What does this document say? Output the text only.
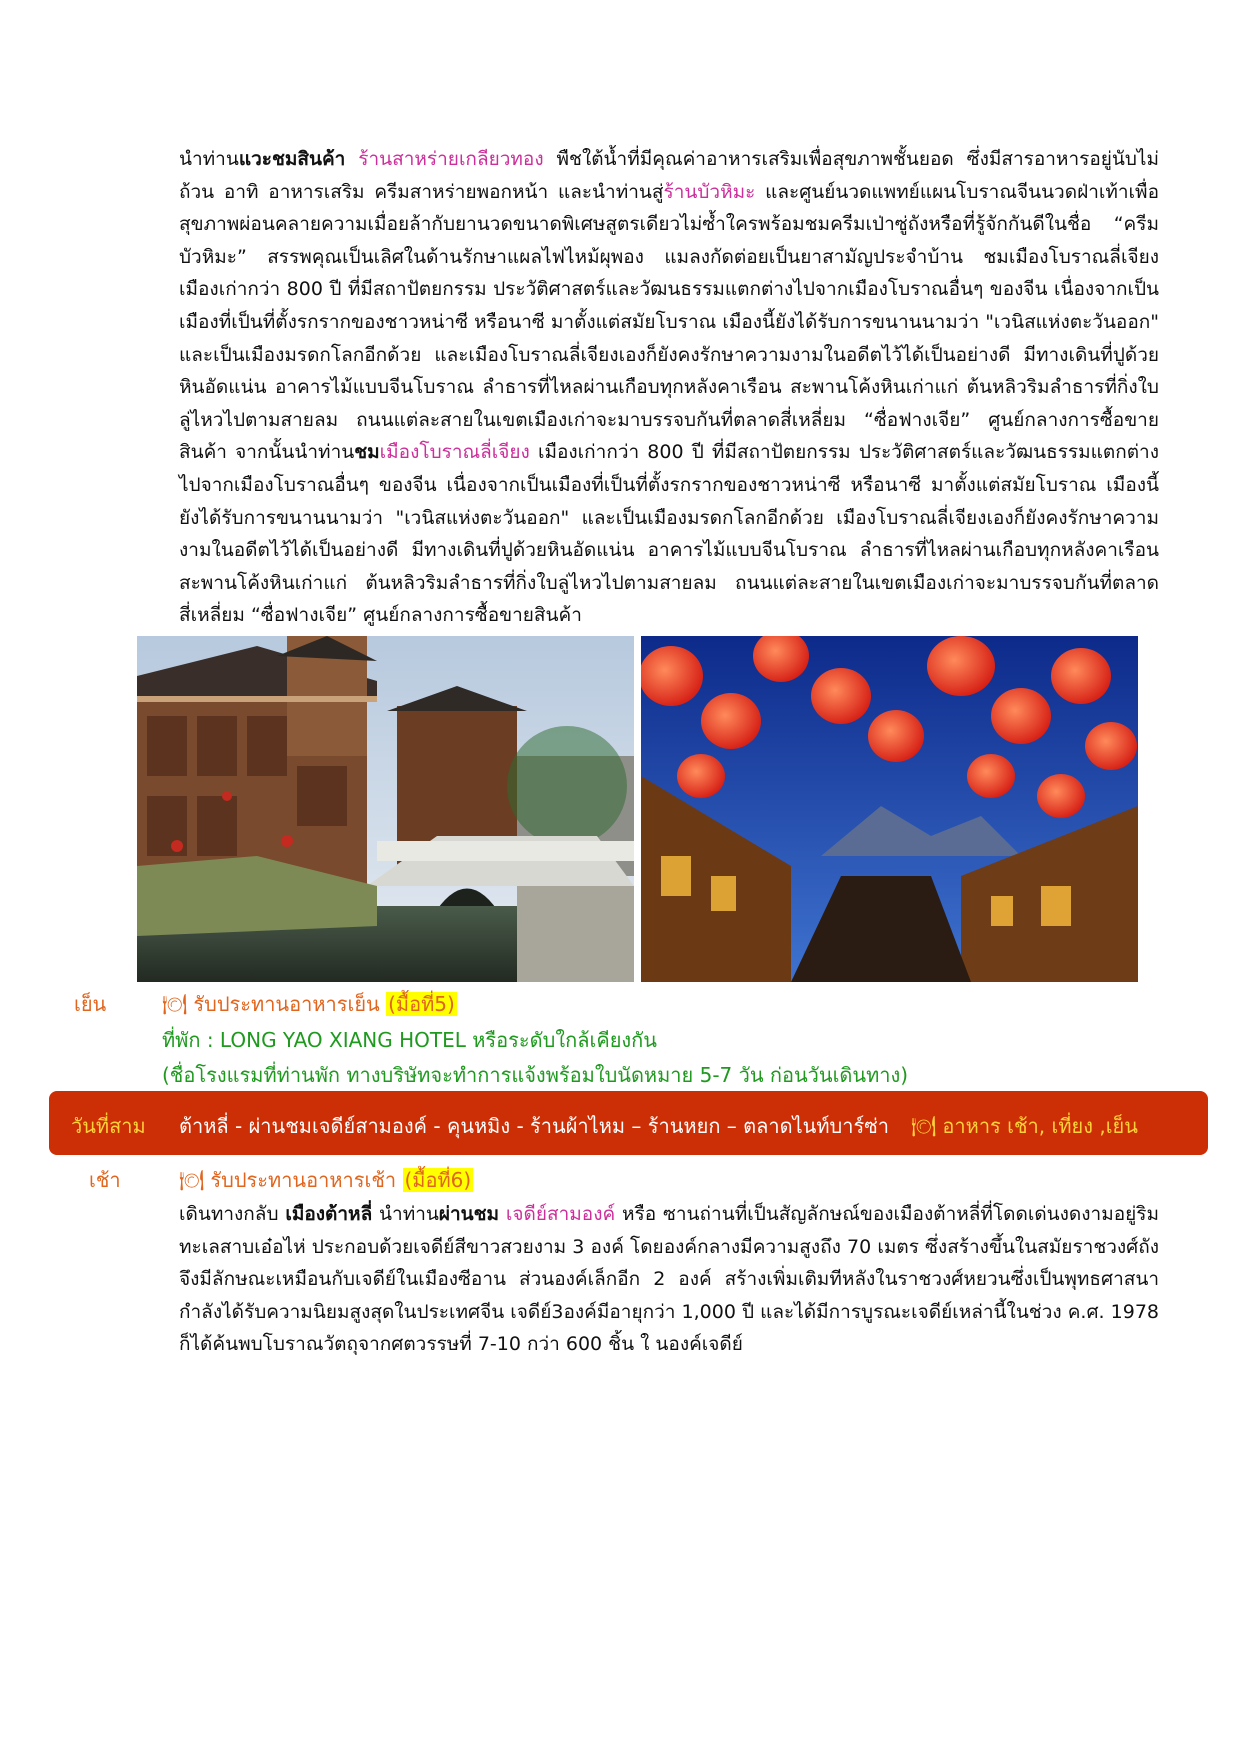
นำท่านแวะชมสินค้า ร้านสาหร่ายเกลียวทอง พืชใต้น้ำที่มีคุณค่าอาหารเสริมเพื่อสุขภาพชั้นยอด ซึ่งมีสารอาหารอยู่นับไม่ถ้วน อาทิ อาหารเสริม ครีมสาหร่ายพอกหน้า และนำท่านสู่ร้านบัวหิมะ และศูนย์นวดแพทย์แผนโบราณจีนนวดฝ่าเท้าเพื่อสุขภาพผ่อนคลายความเมื่อยล้ากับยานวดขนาดพิเศษสูตรเดียวไม่ซ้ำใครพร้อมชมครีมเป่าซู่ถังหรือที่รู้จักกันดีในชื่อ “ครีมบัวหิมะ” สรรพคุณเป็นเลิศในด้านรักษาแผลไฟไหม้ผุพอง แมลงกัดต่อยเป็นยาสามัญประจำบ้าน ชมเมืองโบราณลี่เจียง เมืองเก่ากว่า 800 ปี ที่มีสถาปัตยกรรม ประวัติศาสตร์และวัฒนธรรมแตกต่างไปจากเมืองโบราณอื่นๆ ของจีน เนื่องจากเป็นเมืองที่เป็นที่ตั้งรกรากของชาวหน่าซี หรือนาซี มาตั้งแต่สมัยโบราณ เมืองนี้ยังได้รับการขนานนามว่า "เวนิสแห่งตะวันออก" และเป็นเมืองมรดกโลกอีกด้วย และเมืองโบราณลี่เจียงเองก็ยังคงรักษาความงามในอดีตไว้ได้เป็นอย่างดี มีทางเดินที่ปูด้วยหินอัดแน่น อาคารไม้แบบจีนโบราณ ลำธารที่ไหลผ่านเกือบทุกหลังคาเรือน สะพานโค้งหินเก่าแก่ ต้นหลิวริมลำธารที่กิ่งใบลู่ไหวไปตามสายลม ถนนแต่ละสายในเขตเมืองเก่าจะมาบรรจบกันที่ตลาดสี่เหลี่ยม “ซื่อฟางเจีย” ศูนย์กลางการซื้อขายสินค้า จากนั้นนำท่านชมเมืองโบราณลี่เจียง เมืองเก่ากว่า 800 ปี ที่มีสถาปัตยกรรม ประวัติศาสตร์และวัฒนธรรมแตกต่างไปจากเมืองโบราณอื่นๆ ของจีน เนื่องจากเป็นเมืองที่เป็นที่ตั้งรกรากของชาวหน่าซี หรือนาซี มาตั้งแต่สมัยโบราณ เมืองนี้ยังได้รับการขนานนามว่า "เวนิสแห่งตะวันออก" และเป็นเมืองมรดกโลกอีกด้วย เมืองโบราณลี่เจียงเองก็ยังคงรักษาความงามในอดีตไว้ได้เป็นอย่างดี มีทางเดินที่ปูด้วยหินอัดแน่น อาคารไม้แบบจีนโบราณ ลำธารที่ไหลผ่านเกือบทุกหลังคาเรือน สะพานโค้งหินเก่าแก่ ต้นหลิวริมลำธารที่กิ่งใบลู่ไหวไปตามสายลม ถนนแต่ละสายในเขตเมืองเก่าจะมาบรรจบกันที่ตลาดสี่เหลี่ยม “ซื่อฟางเจีย” ศูนย์กลางการซื้อขายสินค้า

เย็น	🍽 รับประทานอาหารเย็น (มื้อที่5)
ที่พัก : LONG YAO XIANG HOTEL หรือระดับใกล้เคียงกัน
(ชื่อโรงแรมที่ท่านพัก ทางบริษัทจะทำการแจ้งพร้อมใบนัดหมาย 5-7 วัน ก่อนวันเดินทาง)
วันที่สาม ต้าหลี่ - ผ่านชมเจดีย์สามองค์ - คุนหมิง - ร้านผ้าไหม – ร้านหยก – ตลาดไนท์บาร์ซ่า 🍽 อาหาร เช้า, เที่ยง ,เย็น
เช้า	🍽 รับประทานอาหารเช้า (มื้อที่6)

เดินทางกลับ เมืองต้าหลี่ นำท่านผ่านชม เจดีย์สามองค์ หรือ ซานถ่านที่เป็นสัญลักษณ์ของเมืองต้าหลี่ที่โดดเด่นงดงามอยู่ริมทะเลสาบเอ๋อไห่ ประกอบด้วยเจดีย์สีขาวสวยงาม 3 องค์ โดยองค์กลางมีความสูงถึง 70 เมตร ซึ่งสร้างขึ้นในสมัยราชวงศ์ถัง จึงมีลักษณะเหมือนกับเจดีย์ในเมืองซีอาน ส่วนองค์เล็กอีก 2 องค์ สร้างเพิ่มเติมทีหลังในราชวงศ์หยวนซึ่งเป็นพุทธศาสนากำลังได้รับความนิยมสูงสุดในประเทศจีน เจดีย์3องค์มีอายุกว่า 1,000 ปี และได้มีการบูรณะเจดีย์เหล่านี้ในช่วง ค.ศ. 1978 ก็ได้ค้นพบโบราณวัตถุจากศตวรรษที่ 7-10 กว่า 600 ชิ้น ใ นองค์เจดีย์
